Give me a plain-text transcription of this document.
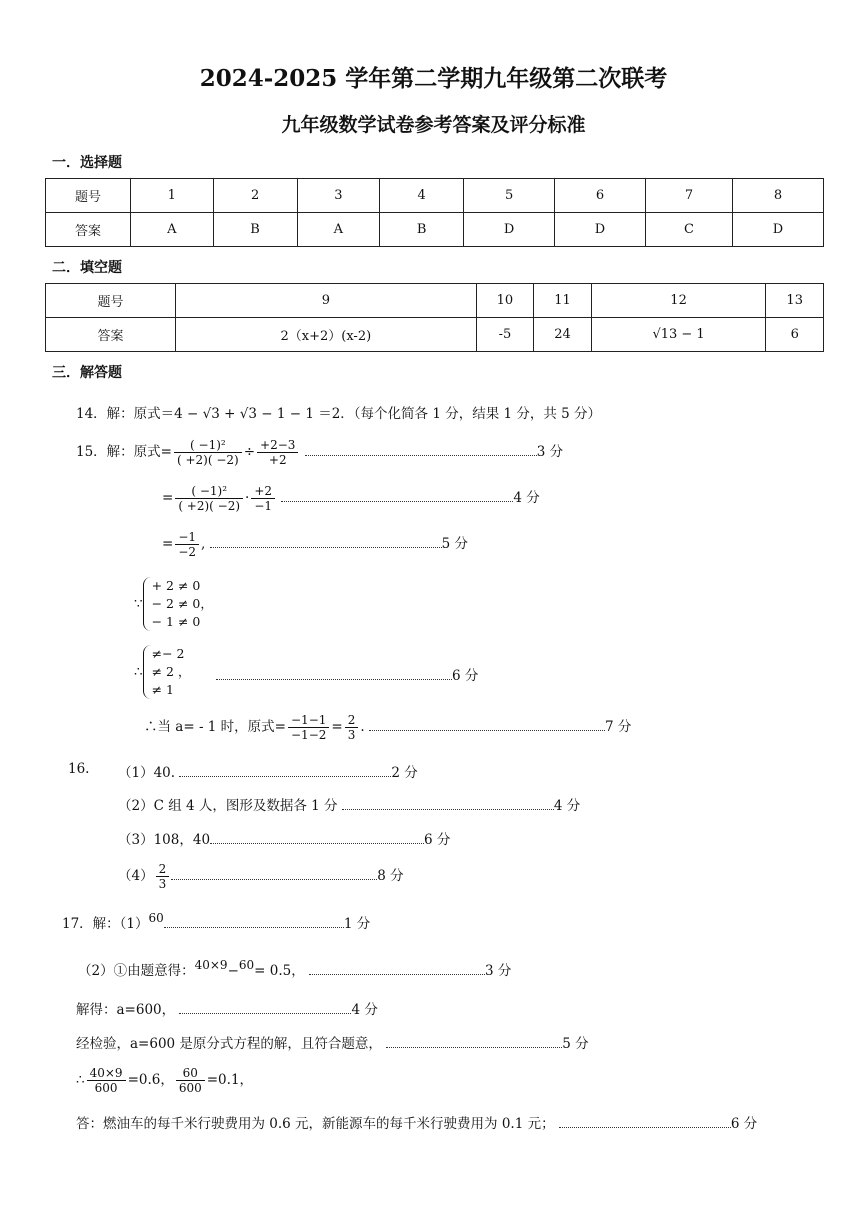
2024-2025 学年第二学期九年级第二次联考
九年级数学试卷参考答案及评分标准
一．选择题
题号	1	2	3	4	5	6	7	8
答案	A	B	A	B	D	D	C	D
二．填空题
题号	9	10	11	12	13
答案	2（x+2）(x-2)	-5	24	√13 − 1	6
三．解答题
14．解：原式＝4 − √3 + √3 − 1 − 1 ＝2．（每个化简各 1 分，结果 1 分，共 5 分）
15．解：原式= $\frac{\text{( −1)²}}{( +2)( -2)} \div \frac{+2-3}{+2}$	3 分
= $\frac{\text{( −1)²}}{( +2)( -2)} \cdot \frac{+2}{-1}$	4 分
= $\frac{-1}{-2}$ ,	5 分
∵
+ 2 ≠ 0
− 2 ≠ 0，
− 1 ≠ 0
∴
≠− 2
≠ 2 ，
≠ 1
6 分
∴当 a= - 1 时，原式= $\frac{-1-1}{-1-2} = \frac{2}{3}$ .	7 分
16. （1）40.	2 分
（2）C 组 4 人，图形及数据各 1 分	4 分
（3）108，40	6 分
$(4) \frac{2}{3}$	8 分
17．解：（1）60	1 分
（2）①由题意得：40×9−60= 0.5，	3 分
解得：a=600，	4 分
经检验，a=600 是原分式方程的解，且符合题意，	5 分
∴ $\frac{40\times 9}{600} =0.6$， $\frac{60}{600} =0.1$，
答：燃油车的每千米行驶费用为 0.6 元，新能源车的每千米行驶费用为 0.1 元；	6 分
